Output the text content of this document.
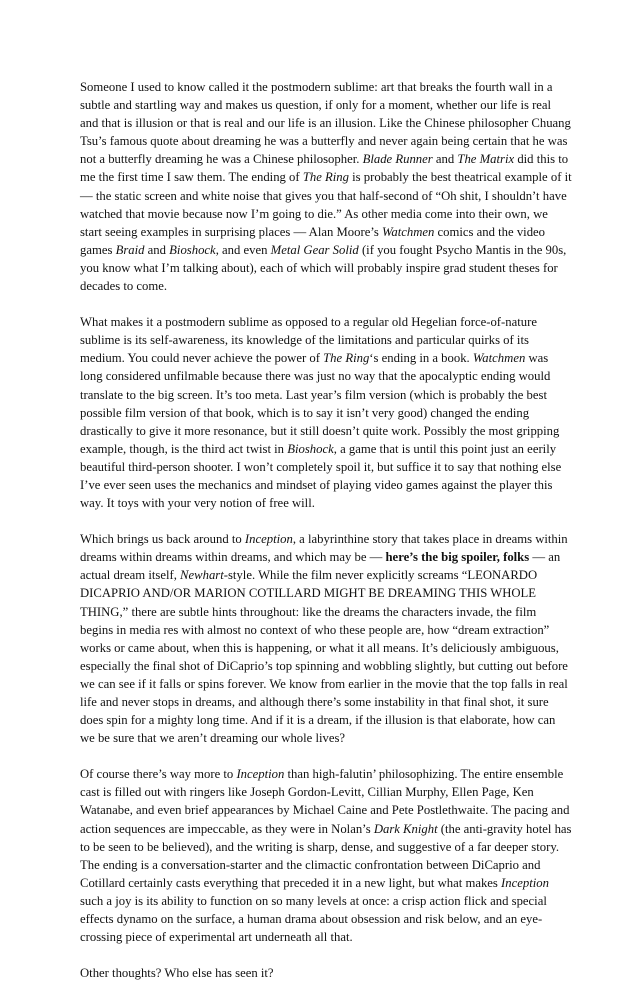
Someone I used to know called it the postmodern sublime: art that breaks the fourth wall in a subtle and startling way and makes us question, if only for a moment, whether our life is real and that is illusion or that is real and our life is an illusion. Like the Chinese philosopher Chuang Tsu’s famous quote about dreaming he was a butterfly and never again being certain that he was not a butterfly dreaming he was a Chinese philosopher. Blade Runner and The Matrix did this to me the first time I saw them. The ending of The Ring is probably the best theatrical example of it — the static screen and white noise that gives you that half-second of “Oh shit, I shouldn’t have watched that movie because now I’m going to die.” As other media come into their own, we start seeing examples in surprising places — Alan Moore’s Watchmen comics and the video games Braid and Bioshock, and even Metal Gear Solid (if you fought Psycho Mantis in the 90s, you know what I’m talking about), each of which will probably inspire grad student theses for decades to come.

What makes it a postmodern sublime as opposed to a regular old Hegelian force-of-nature sublime is its self-awareness, its knowledge of the limitations and particular quirks of its medium. You could never achieve the power of The Ring‘s ending in a book. Watchmen was long considered unfilmable because there was just no way that the apocalyptic ending would translate to the big screen. It’s too meta. Last year’s film version (which is probably the best possible film version of that book, which is to say it isn’t very good) changed the ending drastically to give it more resonance, but it still doesn’t quite work. Possibly the most gripping example, though, is the third act twist in Bioshock, a game that is until this point just an eerily beautiful third-person shooter. I won’t completely spoil it, but suffice it to say that nothing else I’ve ever seen uses the mechanics and mindset of playing video games against the player this way. It toys with your very notion of free will.

Which brings us back around to Inception, a labyrinthine story that takes place in dreams within dreams within dreams within dreams, and which may be — here’s the big spoiler, folks — an actual dream itself, Newhart-style. While the film never explicitly screams “LEONARDO DICAPRIO AND/OR MARION COTILLARD MIGHT BE DREAMING THIS WHOLE THING,” there are subtle hints throughout: like the dreams the characters invade, the film begins in media res with almost no context of who these people are, how “dream extraction” works or came about, when this is happening, or what it all means. It’s deliciously ambiguous, especially the final shot of DiCaprio’s top spinning and wobbling slightly, but cutting out before we can see if it falls or spins forever. We know from earlier in the movie that the top falls in real life and never stops in dreams, and although there’s some instability in that final shot, it sure does spin for a mighty long time. And if it is a dream, if the illusion is that elaborate, how can we be sure that we aren’t dreaming our whole lives?

Of course there’s way more to Inception than high-falutin’ philosophizing. The entire ensemble cast is filled out with ringers like Joseph Gordon-Levitt, Cillian Murphy, Ellen Page, Ken Watanabe, and even brief appearances by Michael Caine and Pete Postlethwaite. The pacing and action sequences are impeccable, as they were in Nolan’s Dark Knight (the anti-gravity hotel has to be seen to be believed), and the writing is sharp, dense, and suggestive of a far deeper story. The ending is a conversation-starter and the climactic confrontation between DiCaprio and Cotillard certainly casts everything that preceded it in a new light, but what makes Inception such a joy is its ability to function on so many levels at once: a crisp action flick and special effects dynamo on the surface, a human drama about obsession and risk below, and an eye-crossing piece of experimental art underneath all that.

Other thoughts? Who else has seen it?
